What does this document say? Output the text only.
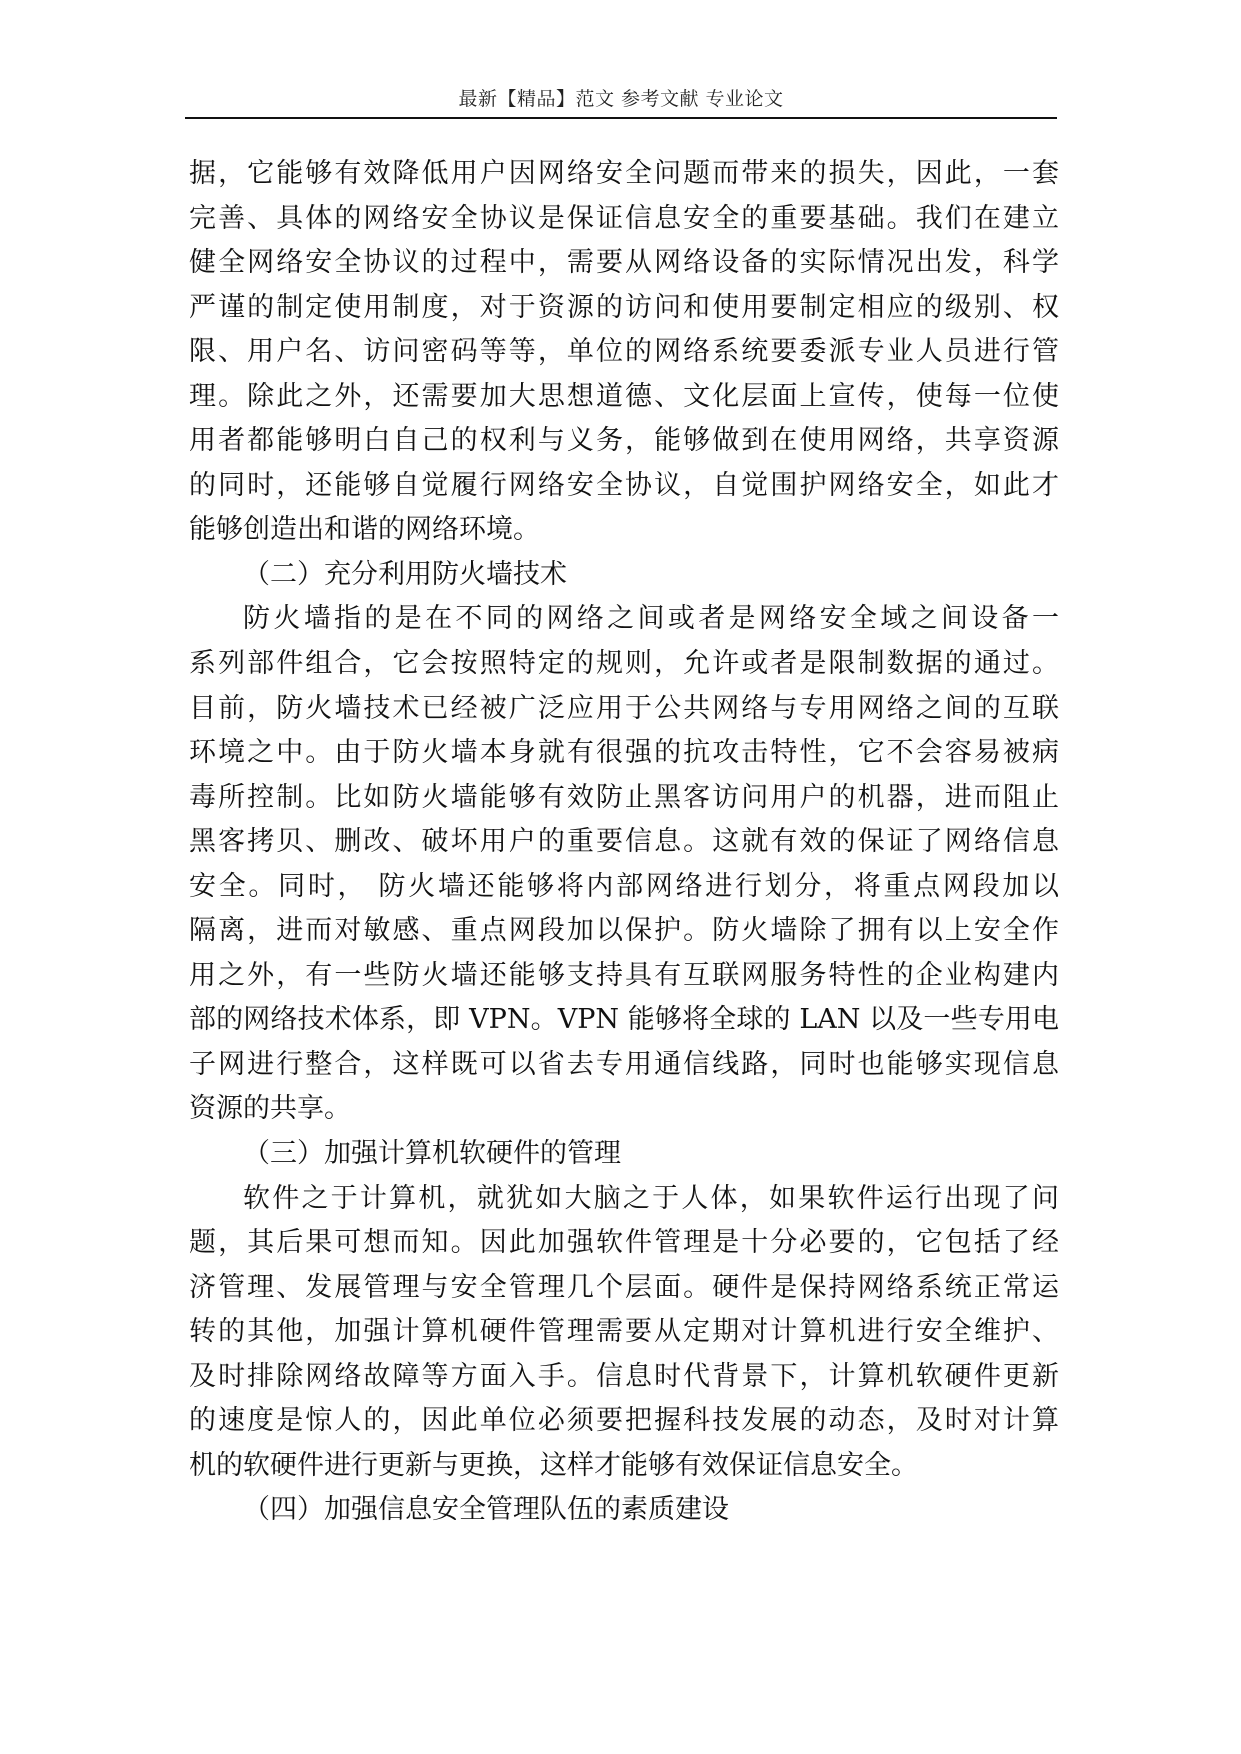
最新【精品】范文 参考文献 专业论文
据，它能够有效降低用户因网络安全问题而带来的损失，因此，一套
完善、具体的网络安全协议是保证信息安全的重要基础。我们在建立
健全网络安全协议的过程中，需要从网络设备的实际情况出发，科学
严谨的制定使用制度，对于资源的访问和使用要制定相应的级别、权
限、用户名、访问密码等等，单位的网络系统要委派专业人员进行管
理。除此之外，还需要加大思想道德、文化层面上宣传，使每一位使
用者都能够明白自己的权利与义务，能够做到在使用网络，共享资源
的同时，还能够自觉履行网络安全协议，自觉围护网络安全，如此才
能够创造出和谐的网络环境。
（二）充分利用防火墙技术
防火墙指的是在不同的网络之间或者是网络安全域之间设备一
系列部件组合，它会按照特定的规则，允许或者是限制数据的通过。
目前，防火墙技术已经被广泛应用于公共网络与专用网络之间的互联
环境之中。由于防火墙本身就有很强的抗攻击特性，它不会容易被病
毒所控制。比如防火墙能够有效防止黑客访问用户的机器，进而阻止
黑客拷贝、删改、破坏用户的重要信息。这就有效的保证了网络信息
安全。同时， 防火墙还能够将内部网络进行划分，将重点网段加以
隔离，进而对敏感、重点网段加以保护。防火墙除了拥有以上安全作
用之外，有一些防火墙还能够支持具有互联网服务特性的企业构建内
部的网络技术体系，即 VPN。VPN 能够将全球的 LAN 以及一些专用电
子网进行整合，这样既可以省去专用通信线路，同时也能够实现信息
资源的共享。
（三）加强计算机软硬件的管理
软件之于计算机，就犹如大脑之于人体，如果软件运行出现了问
题，其后果可想而知。因此加强软件管理是十分必要的，它包括了经
济管理、发展管理与安全管理几个层面。硬件是保持网络系统正常运
转的其他，加强计算机硬件管理需要从定期对计算机进行安全维护、
及时排除网络故障等方面入手。信息时代背景下，计算机软硬件更新
的速度是惊人的，因此单位必须要把握科技发展的动态，及时对计算
机的软硬件进行更新与更换，这样才能够有效保证信息安全。
（四）加强信息安全管理队伍的素质建设
